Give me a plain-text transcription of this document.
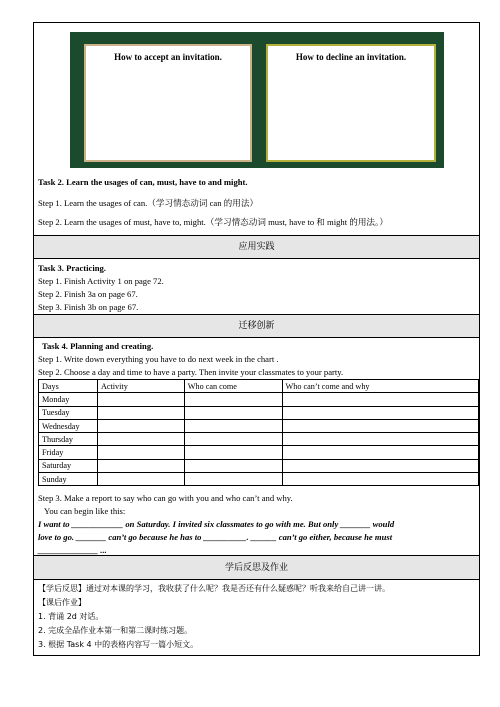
How to accept an invitation.	How to decline an invitation.
Task 2. Learn the usages of can, must, have to and might.
Step 1. Learn the usages of can.（学习情态动词 can 的用法）
Step 2. Learn the usages of must, have to, might.（学习情态动词 must, have to 和 might 的用法。）
应用实践
Task 3. Practicing.
Step 1. Finish Activity 1 on page 72.
Step 2. Finish 3a on page 67.
Step 3. Finish 3b on page 67.
迁移创新
Task 4. Planning and creating.
Step 1. Write down everything you have to do next week in the chart .
Step 2. Choose a day and time to have a party. Then invite your classmates to your party.
Days	Activity	Who can come	Who can’t come and why
Monday			
Tuesday			
Wednesday			
Thursday			
Friday			
Saturday			
Sunday			
Step 3. Make a report to say who can go with you and who can’t and why.
You can begin like this:
I want to ____________ on Saturday. I invited six classmates to go with me. But only _______ would
love to go. _______ can’t go because he has to __________. ______ can’t go either, because he must
______________ ...
学后反思及作业
【学后反思】通过对本课的学习，我收获了什么呢？我是否还有什么疑惑呢？听我来给自己讲一讲。
【课后作业】
1. 背诵 2d 对话。
2. 完成全品作业本第一和第二课时练习题。
3. 根据 Task 4 中的表格内容写一篇小短文。
